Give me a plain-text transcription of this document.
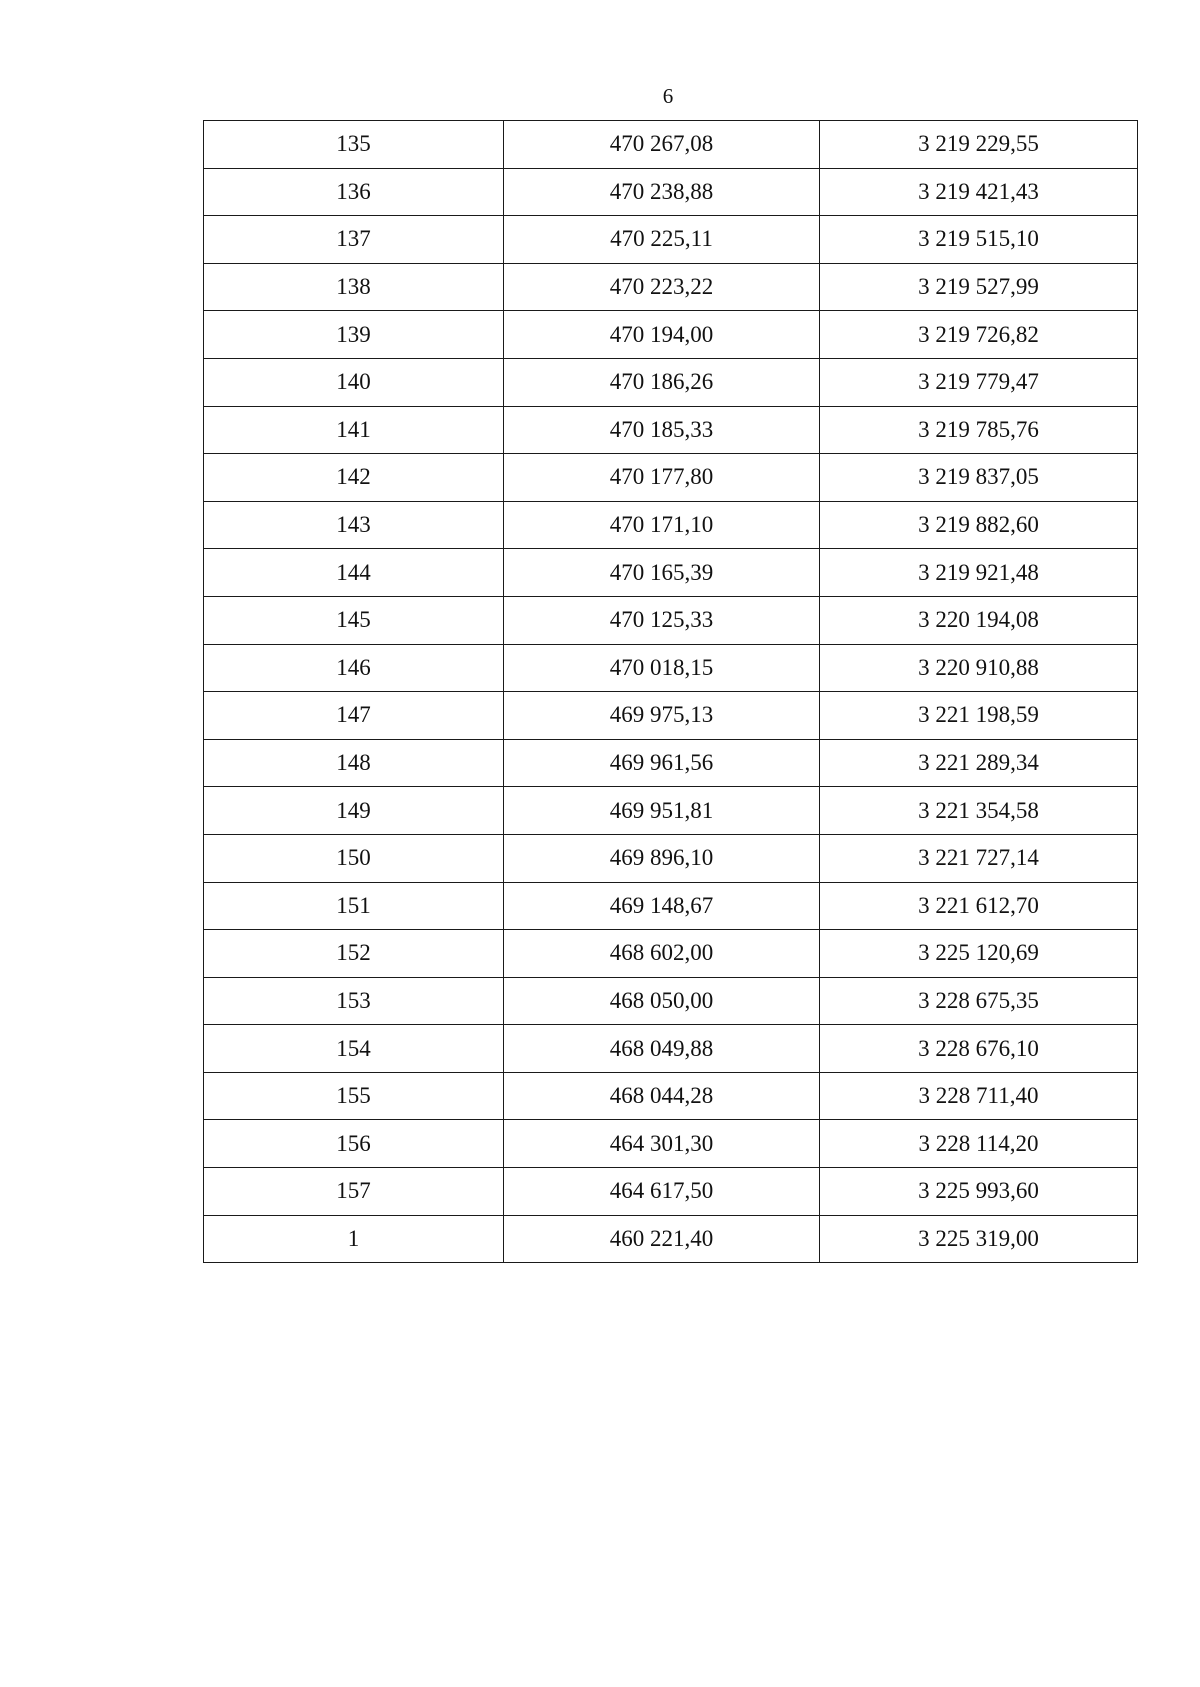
6
135	470 267,08	3 219 229,55
136	470 238,88	3 219 421,43
137	470 225,11	3 219 515,10
138	470 223,22	3 219 527,99
139	470 194,00	3 219 726,82
140	470 186,26	3 219 779,47
141	470 185,33	3 219 785,76
142	470 177,80	3 219 837,05
143	470 171,10	3 219 882,60
144	470 165,39	3 219 921,48
145	470 125,33	3 220 194,08
146	470 018,15	3 220 910,88
147	469 975,13	3 221 198,59
148	469 961,56	3 221 289,34
149	469 951,81	3 221 354,58
150	469 896,10	3 221 727,14
151	469 148,67	3 221 612,70
152	468 602,00	3 225 120,69
153	468 050,00	3 228 675,35
154	468 049,88	3 228 676,10
155	468 044,28	3 228 711,40
156	464 301,30	3 228 114,20
157	464 617,50	3 225 993,60
1	460 221,40	3 225 319,00
